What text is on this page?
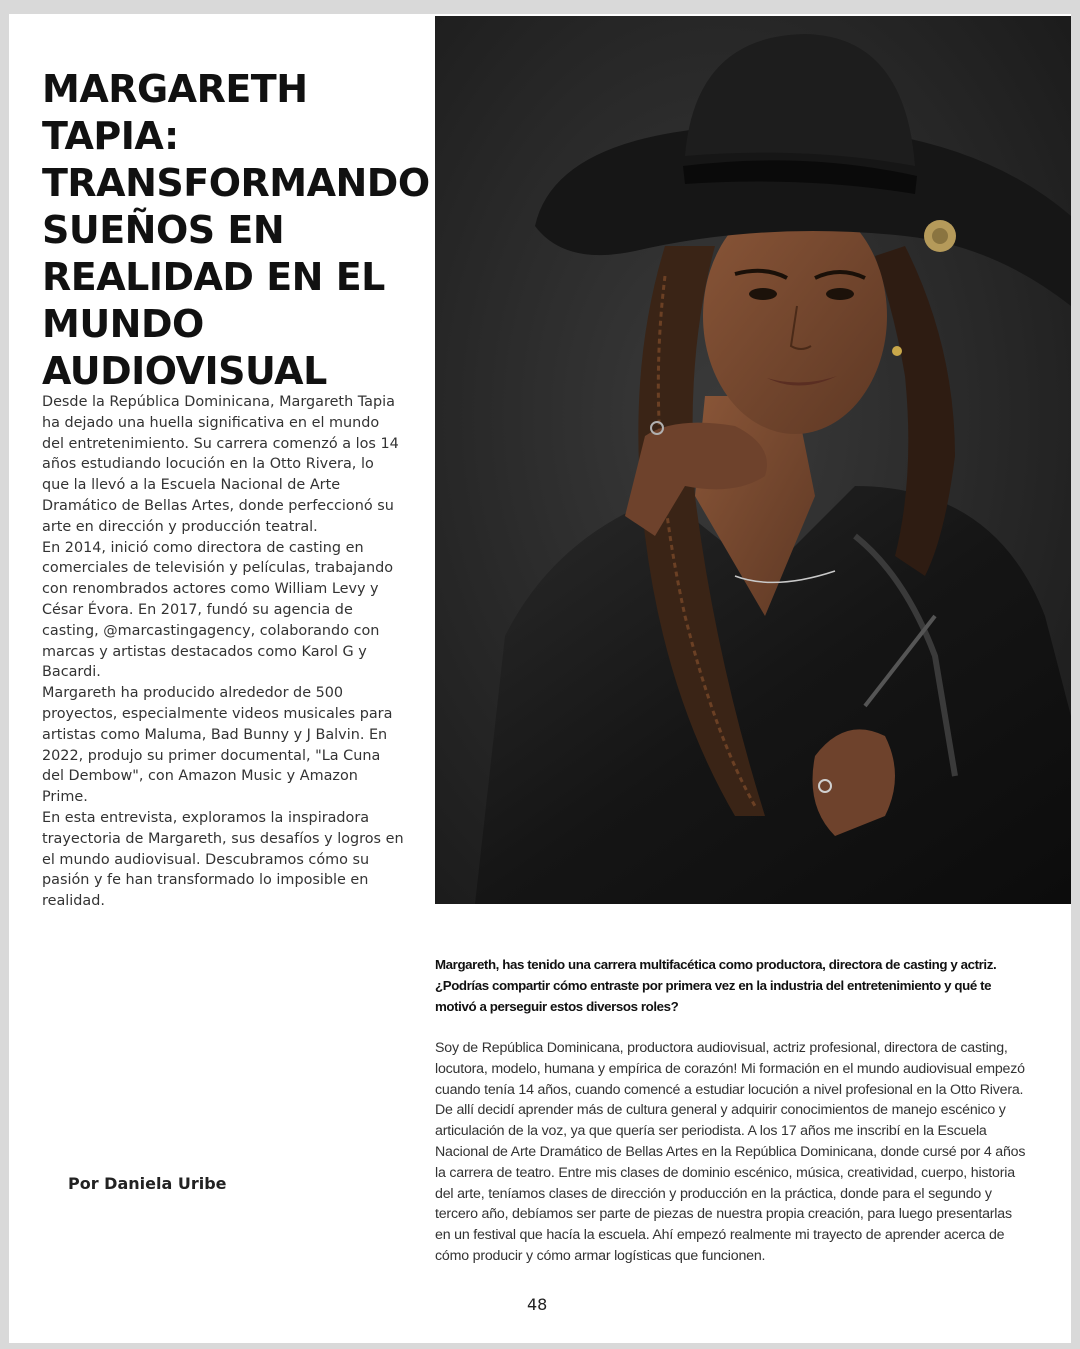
MARGARETH TAPIA:
TRANSFORMANDO
SUEÑOS EN
REALIDAD EN EL
MUNDO
AUDIOVISUAL

Desde la República Dominicana, Margareth Tapia ha dejado una huella significativa en el mundo del entretenimiento. Su carrera comenzó a los 14 años estudiando locución en la Otto Rivera, lo que la llevó a la Escuela Nacional de Arte Dramático de Bellas Artes, donde perfeccionó su arte en dirección y producción teatral.

En 2014, inició como directora de casting en comerciales de televisión y películas, trabajando con renombrados actores como William Levy y César Évora. En 2017, fundó su agencia de casting, @marcastingagency, colaborando con marcas y artistas destacados como Karol G y Bacardi.

Margareth ha producido alrededor de 500 proyectos, especialmente videos musicales para artistas como Maluma, Bad Bunny y J Balvin. En 2022, produjo su primer documental, "La Cuna del Dembow", con Amazon Music y Amazon Prime.

En esta entrevista, exploramos la inspiradora trayectoria de Margareth, sus desafíos y logros en el mundo audiovisual. Descubramos cómo su pasión y fe han transformado lo imposible en realidad.

Por Daniela Uribe
Margareth, has tenido una carrera multifacética como productora, directora de casting y actriz. ¿Podrías compartir cómo entraste por primera vez en la industria del entretenimiento y qué te motivó a perseguir estos diversos roles?
Soy de República Dominicana, productora audiovisual, actriz profesional, directora de casting, locutora, modelo, humana y empírica de corazón! Mi formación en el mundo audiovisual empezó cuando tenía 14 años, cuando comencé a estudiar locución a nivel profesional en la Otto Rivera. De allí decidí aprender más de cultura general y adquirir conocimientos de manejo escénico y articulación de la voz, ya que quería ser periodista. A los 17 años me inscribí en la Escuela Nacional de Arte Dramático de Bellas Artes en la República Dominicana, donde cursé por 4 años la carrera de teatro. Entre mis clases de dominio escénico, música, creatividad, cuerpo, historia del arte, teníamos clases de dirección y producción en la práctica, donde para el segundo y tercero año, debíamos ser parte de piezas de nuestra propia creación, para luego presentarlas en un festival que hacía la escuela. Ahí empezó realmente mi trayecto de aprender acerca de cómo producir y cómo armar logísticas que funcionen.
48
